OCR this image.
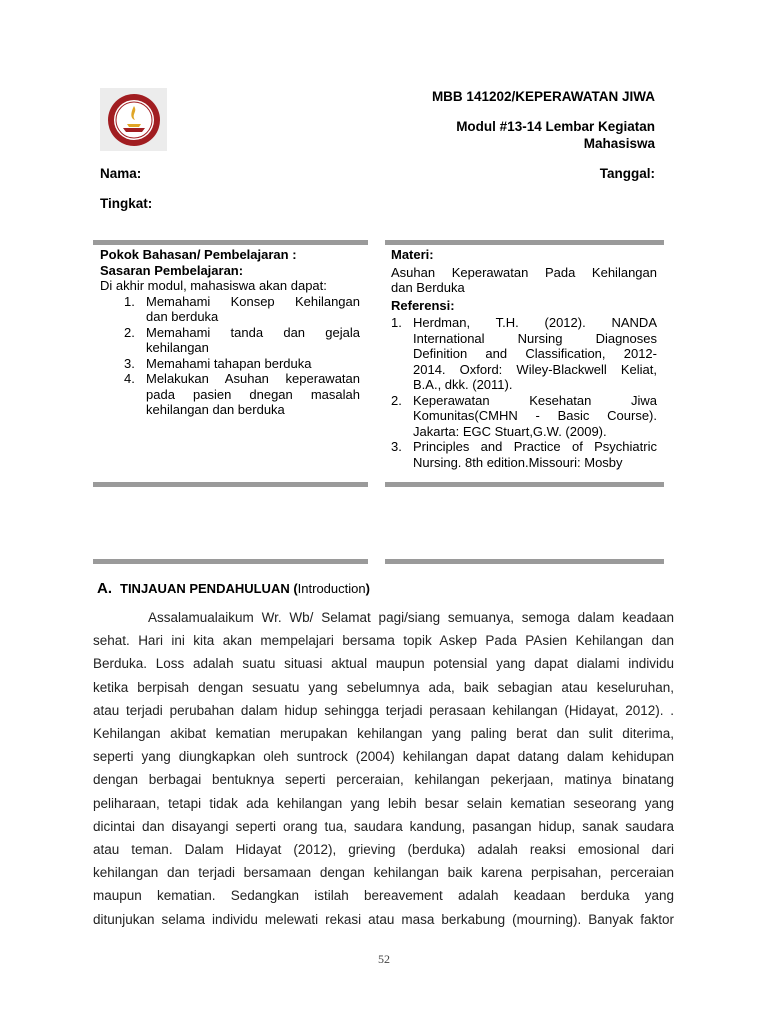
MBB 141202/KEPERAWATAN JIWA
Modul #13-14 Lembar Kegiatan
Mahasiswa
Nama:	Tanggal:
Tingkat:
Pokok Bahasan/ Pembelajaran :
Sasaran Pembelajaran:
Di akhir modul, mahasiswa akan dapat:
1. Memahami Konsep Kehilangan
dan berduka
2. Memahami tanda dan gejala
kehilangan
3. Memahami tahapan berduka
4. Melakukan Asuhan keperawatan
pada pasien dnegan masalah
kehilangan dan berduka
Materi:
Asuhan Keperawatan Pada Kehilangan
dan Berduka
Referensi:
1. Herdman, T.H. (2012). NANDA
International Nursing Diagnoses
Definition and Classification, 2012-
2014. Oxford: Wiley-Blackwell Keliat,
B.A., dkk. (2011).
2. Keperawatan Kesehatan Jiwa
Komunitas(CMHN - Basic Course).
Jakarta: EGC Stuart,G.W. (2009).
3. Principles and Practice of Psychiatric
Nursing. 8th edition.Missouri: Mosby
A. TINJAUAN PENDAHULUAN (Introduction)
Assalamualaikum Wr. Wb/ Selamat pagi/siang semuanya, semoga dalam keadaan
sehat. Hari ini kita akan mempelajari bersama topik Askep Pada PAsien Kehilangan dan
Berduka. Loss adalah suatu situasi aktual maupun potensial yang dapat dialami individu
ketika berpisah dengan sesuatu yang sebelumnya ada, baik sebagian atau keseluruhan,
atau terjadi perubahan dalam hidup sehingga terjadi perasaan kehilangan (Hidayat, 2012). .
Kehilangan akibat kematian merupakan kehilangan yang paling berat dan sulit diterima,
seperti yang diungkapkan oleh suntrock (2004) kehilangan dapat datang dalam kehidupan
dengan berbagai bentuknya seperti perceraian, kehilangan pekerjaan, matinya binatang
peliharaan, tetapi tidak ada kehilangan yang lebih besar selain kematian seseorang yang
dicintai dan disayangi seperti orang tua, saudara kandung, pasangan hidup, sanak saudara
atau teman. Dalam Hidayat (2012), grieving (berduka) adalah reaksi emosional dari
kehilangan dan terjadi bersamaan dengan kehilangan baik karena perpisahan, perceraian
maupun kematian. Sedangkan istilah bereavement adalah keadaan berduka yang
ditunjukan selama individu melewati rekasi atau masa berkabung (mourning). Banyak faktor
52
